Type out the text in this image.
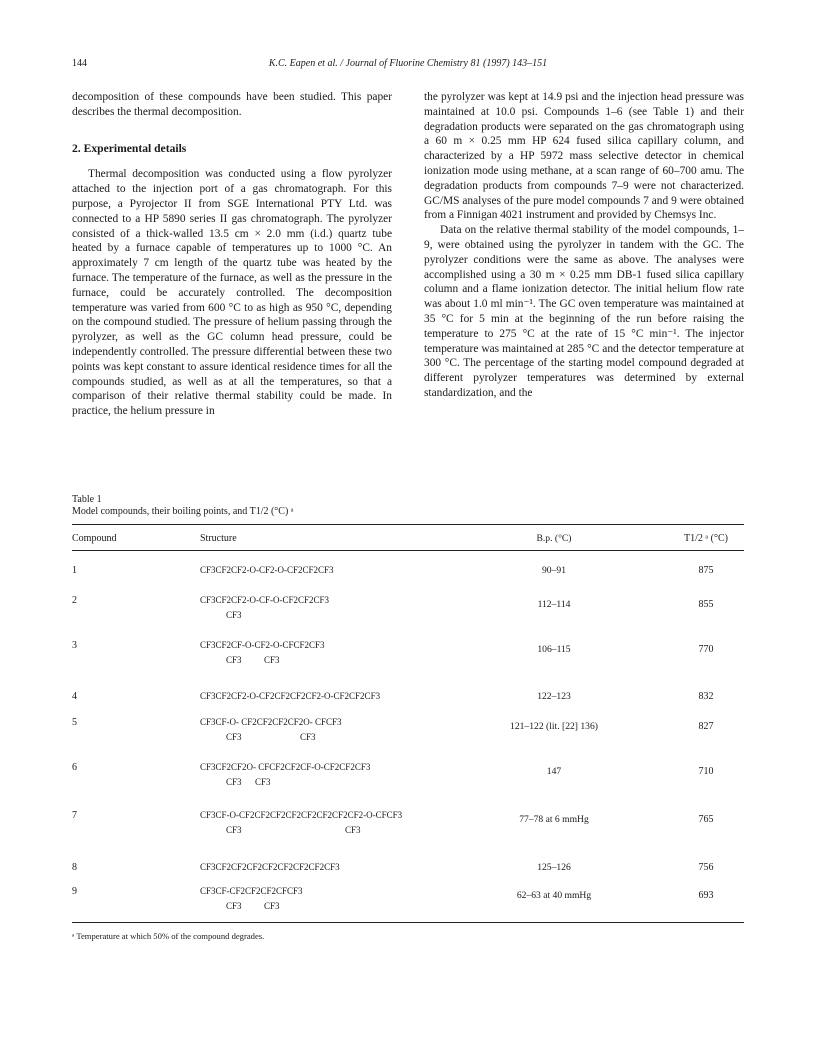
144	K.C. Eapen et al. / Journal of Fluorine Chemistry 81 (1997) 143–151

decomposition of these compounds have been studied. This paper describes the thermal decomposition.

2. Experimental details

Thermal decomposition was conducted using a flow pyrolyzer attached to the injection port of a gas chromatograph. For this purpose, a Pyrojector II from SGE International PTY Ltd. was connected to a HP 5890 series II gas chromatograph. The pyrolyzer consisted of a thick-walled 13.5 cm × 2.0 mm (i.d.) quartz tube heated by a furnace capable of temperatures up to 1000 °C. An approximately 7 cm length of the quartz tube was heated by the furnace. The temperature of the furnace, as well as the pressure in the furnace, could be accurately controlled. The decomposition temperature was varied from 600 °C to as high as 950 °C, depending on the compound studied. The pressure of helium passing through the pyrolyzer, as well as the GC column head pressure, could be independently controlled. The pressure differential between these two points was kept constant to assure identical residence times for all the compounds studied, as well as at all the temperatures, so that a comparison of their relative thermal stability could be made. In practice, the helium pressure in

the pyrolyzer was kept at 14.9 psi and the injection head pressure was maintained at 10.0 psi. Compounds 1–6 (see Table 1) and their degradation products were separated on the gas chromatograph using a 60 m × 0.25 mm HP 624 fused silica capillary column, and characterized by a HP 5972 mass selective detector in chemical ionization mode using methane, at a scan range of 60–700 amu. The degradation products from compounds 7–9 were not characterized. GC/MS analyses of the pure model compounds 7 and 9 were obtained from a Finnigan 4021 instrument and provided by Chemsys Inc.

Data on the relative thermal stability of the model compounds, 1–9, were obtained using the pyrolyzer in tandem with the GC. The pyrolyzer conditions were the same as above. The analyses were accomplished using a 30 m × 0.25 mm DB-1 fused silica capillary column and a flame ionization detector. The initial helium flow rate was about 1.0 ml min⁻¹. The GC oven temperature was maintained at 35 °C for 5 min at the beginning of the run before raising the temperature to 275 °C at the rate of 15 °C min⁻¹. The injector temperature was maintained at 285 °C and the detector temperature at 300 °C. The percentage of the starting model compound degraded at different pyrolyzer temperatures was determined by external standardization, and the

Table 1
Model compounds, their boiling points, and T1/2 (°C) ᵃ
Compound	Structure	B.p. (°C)	T1/2 ᵃ (°C)
1	CF3CF2CF2-O-CF2-O-CF2CF2CF3	90–91	875
2	CF3CF2CF2-O-CF-O-CF2CF2CF3
CF3
112–114	855
3	CF3CF2CF-O-CF2-O-CFCF2CF3
CF3          CF3
106–115	770
4	CF3CF2CF2-O-CF2CF2CF2CF2-O-CF2CF2CF3	122–123	832
5	CF3CF-O- CF2CF2CF2CF2O- CFCF3
CF3                          CF3
121–122 (lit. [22] 136)	827
6	CF3CF2CF2O- CFCF2CF2CF-O-CF2CF2CF3
CF3      CF3
147	710
7	CF3CF-O-CF2CF2CF2CF2CF2CF2CF2CF2-O-CFCF3
CF3                                              CF3
77–78 at 6 mmHg	765
8	CF3CF2CF2CF2CF2CF2CF2CF2CF3	125–126	756
9	CF3CF-CF2CF2CF2CFCF3
CF3          CF3
62–63 at 40 mmHg	693
ᵃ Temperature at which 50% of the compound degrades.
